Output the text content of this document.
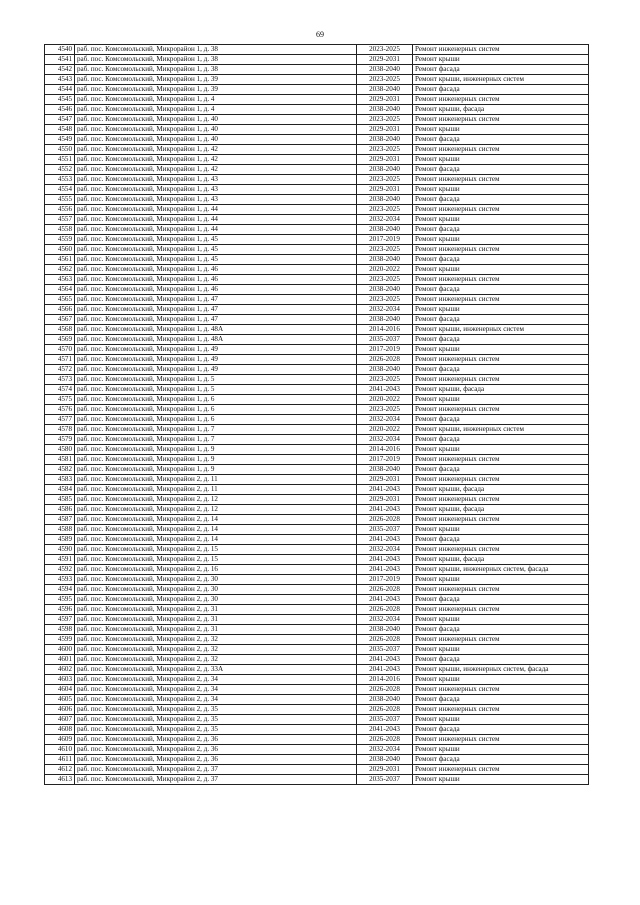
69
4540	раб. пос. Комсомольский, Микрорайон 1, д. 38	2023-2025	Ремонт инженерных систем
4541	раб. пос. Комсомольский, Микрорайон 1, д. 38	2029-2031	Ремонт крыши
4542	раб. пос. Комсомольский, Микрорайон 1, д. 38	2038-2040	Ремонт фасада
4543	раб. пос. Комсомольский, Микрорайон 1, д. 39	2023-2025	Ремонт крыши, инженерных систем
4544	раб. пос. Комсомольский, Микрорайон 1, д. 39	2038-2040	Ремонт фасада
4545	раб. пос. Комсомольский, Микрорайон 1, д. 4	2029-2031	Ремонт инженерных систем
4546	раб. пос. Комсомольский, Микрорайон 1, д. 4	2038-2040	Ремонт крыши, фасада
4547	раб. пос. Комсомольский, Микрорайон 1, д. 40	2023-2025	Ремонт инженерных систем
4548	раб. пос. Комсомольский, Микрорайон 1, д. 40	2029-2031	Ремонт крыши
4549	раб. пос. Комсомольский, Микрорайон 1, д. 40	2038-2040	Ремонт фасада
4550	раб. пос. Комсомольский, Микрорайон 1, д. 42	2023-2025	Ремонт инженерных систем
4551	раб. пос. Комсомольский, Микрорайон 1, д. 42	2029-2031	Ремонт крыши
4552	раб. пос. Комсомольский, Микрорайон 1, д. 42	2038-2040	Ремонт фасада
4553	раб. пос. Комсомольский, Микрорайон 1, д. 43	2023-2025	Ремонт инженерных систем
4554	раб. пос. Комсомольский, Микрорайон 1, д. 43	2029-2031	Ремонт крыши
4555	раб. пос. Комсомольский, Микрорайон 1, д. 43	2038-2040	Ремонт фасада
4556	раб. пос. Комсомольский, Микрорайон 1, д. 44	2023-2025	Ремонт инженерных систем
4557	раб. пос. Комсомольский, Микрорайон 1, д. 44	2032-2034	Ремонт крыши
4558	раб. пос. Комсомольский, Микрорайон 1, д. 44	2038-2040	Ремонт фасада
4559	раб. пос. Комсомольский, Микрорайон 1, д. 45	2017-2019	Ремонт крыши
4560	раб. пос. Комсомольский, Микрорайон 1, д. 45	2023-2025	Ремонт инженерных систем
4561	раб. пос. Комсомольский, Микрорайон 1, д. 45	2038-2040	Ремонт фасада
4562	раб. пос. Комсомольский, Микрорайон 1, д. 46	2020-2022	Ремонт крыши
4563	раб. пос. Комсомольский, Микрорайон 1, д. 46	2023-2025	Ремонт инженерных систем
4564	раб. пос. Комсомольский, Микрорайон 1, д. 46	2038-2040	Ремонт фасада
4565	раб. пос. Комсомольский, Микрорайон 1, д. 47	2023-2025	Ремонт инженерных систем
4566	раб. пос. Комсомольский, Микрорайон 1, д. 47	2032-2034	Ремонт крыши
4567	раб. пос. Комсомольский, Микрорайон 1, д. 47	2038-2040	Ремонт фасада
4568	раб. пос. Комсомольский, Микрорайон 1, д. 48А	2014-2016	Ремонт крыши, инженерных систем
4569	раб. пос. Комсомольский, Микрорайон 1, д. 48А	2035-2037	Ремонт фасада
4570	раб. пос. Комсомольский, Микрорайон 1, д. 49	2017-2019	Ремонт крыши
4571	раб. пос. Комсомольский, Микрорайон 1, д. 49	2026-2028	Ремонт инженерных систем
4572	раб. пос. Комсомольский, Микрорайон 1, д. 49	2038-2040	Ремонт фасада
4573	раб. пос. Комсомольский, Микрорайон 1, д. 5	2023-2025	Ремонт инженерных систем
4574	раб. пос. Комсомольский, Микрорайон 1, д. 5	2041-2043	Ремонт крыши, фасада
4575	раб. пос. Комсомольский, Микрорайон 1, д. 6	2020-2022	Ремонт крыши
4576	раб. пос. Комсомольский, Микрорайон 1, д. 6	2023-2025	Ремонт инженерных систем
4577	раб. пос. Комсомольский, Микрорайон 1, д. 6	2032-2034	Ремонт фасада
4578	раб. пос. Комсомольский, Микрорайон 1, д. 7	2020-2022	Ремонт крыши, инженерных систем
4579	раб. пос. Комсомольский, Микрорайон 1, д. 7	2032-2034	Ремонт фасада
4580	раб. пос. Комсомольский, Микрорайон 1, д. 9	2014-2016	Ремонт крыши
4581	раб. пос. Комсомольский, Микрорайон 1, д. 9	2017-2019	Ремонт инженерных систем
4582	раб. пос. Комсомольский, Микрорайон 1, д. 9	2038-2040	Ремонт фасада
4583	раб. пос. Комсомольский, Микрорайон 2, д. 11	2029-2031	Ремонт инженерных систем
4584	раб. пос. Комсомольский, Микрорайон 2, д. 11	2041-2043	Ремонт крыши, фасада
4585	раб. пос. Комсомольский, Микрорайон 2, д. 12	2029-2031	Ремонт инженерных систем
4586	раб. пос. Комсомольский, Микрорайон 2, д. 12	2041-2043	Ремонт крыши, фасада
4587	раб. пос. Комсомольский, Микрорайон 2, д. 14	2026-2028	Ремонт инженерных систем
4588	раб. пос. Комсомольский, Микрорайон 2, д. 14	2035-2037	Ремонт крыши
4589	раб. пос. Комсомольский, Микрорайон 2, д. 14	2041-2043	Ремонт фасада
4590	раб. пос. Комсомольский, Микрорайон 2, д. 15	2032-2034	Ремонт инженерных систем
4591	раб. пос. Комсомольский, Микрорайон 2, д. 15	2041-2043	Ремонт крыши, фасада
4592	раб. пос. Комсомольский, Микрорайон 2, д. 16	2041-2043	Ремонт крыши, инженерных систем, фасада
4593	раб. пос. Комсомольский, Микрорайон 2, д. 30	2017-2019	Ремонт крыши
4594	раб. пос. Комсомольский, Микрорайон 2, д. 30	2026-2028	Ремонт инженерных систем
4595	раб. пос. Комсомольский, Микрорайон 2, д. 30	2041-2043	Ремонт фасада
4596	раб. пос. Комсомольский, Микрорайон 2, д. 31	2026-2028	Ремонт инженерных систем
4597	раб. пос. Комсомольский, Микрорайон 2, д. 31	2032-2034	Ремонт крыши
4598	раб. пос. Комсомольский, Микрорайон 2, д. 31	2038-2040	Ремонт фасада
4599	раб. пос. Комсомольский, Микрорайон 2, д. 32	2026-2028	Ремонт инженерных систем
4600	раб. пос. Комсомольский, Микрорайон 2, д. 32	2035-2037	Ремонт крыши
4601	раб. пос. Комсомольский, Микрорайон 2, д. 32	2041-2043	Ремонт фасада
4602	раб. пос. Комсомольский, Микрорайон 2, д. 33А	2041-2043	Ремонт крыши, инженерных систем, фасада
4603	раб. пос. Комсомольский, Микрорайон 2, д. 34	2014-2016	Ремонт крыши
4604	раб. пос. Комсомольский, Микрорайон 2, д. 34	2026-2028	Ремонт инженерных систем
4605	раб. пос. Комсомольский, Микрорайон 2, д. 34	2038-2040	Ремонт фасада
4606	раб. пос. Комсомольский, Микрорайон 2, д. 35	2026-2028	Ремонт инженерных систем
4607	раб. пос. Комсомольский, Микрорайон 2, д. 35	2035-2037	Ремонт крыши
4608	раб. пос. Комсомольский, Микрорайон 2, д. 35	2041-2043	Ремонт фасада
4609	раб. пос. Комсомольский, Микрорайон 2, д. 36	2026-2028	Ремонт инженерных систем
4610	раб. пос. Комсомольский, Микрорайон 2, д. 36	2032-2034	Ремонт крыши
4611	раб. пос. Комсомольский, Микрорайон 2, д. 36	2038-2040	Ремонт фасада
4612	раб. пос. Комсомольский, Микрорайон 2, д. 37	2029-2031	Ремонт инженерных систем
4613	раб. пос. Комсомольский, Микрорайон 2, д. 37	2035-2037	Ремонт крыши
